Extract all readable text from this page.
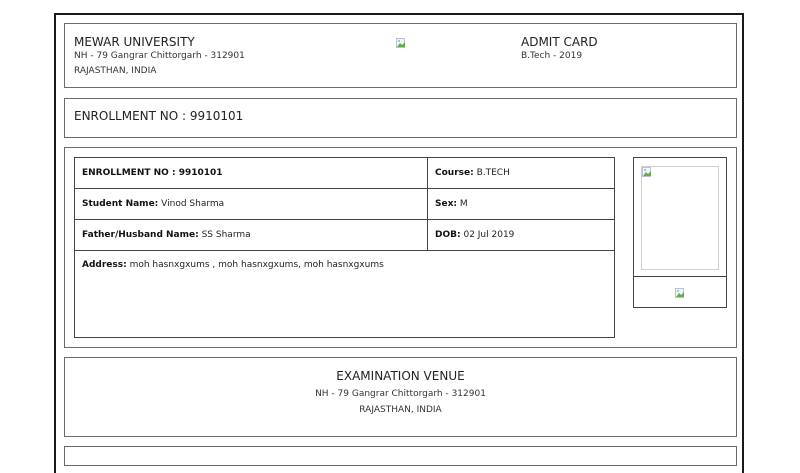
MEWAR UNIVERSITY
NH - 79 Gangrar Chittorgarh - 312901
RAJASTHAN, INDIA
ADMIT CARD
B.Tech - 2019
ENROLLMENT NO : 9910101
ENROLLMENT NO : 9910101	Course: B.TECH
Student Name: Vinod Sharma	Sex: M
Father/Husband Name: SS Sharma	DOB: 02 Jul 2019
Address: moh hasnxgxums , moh hasnxgxums, moh hasnxgxums	
EXAMINATION VENUE
NH - 79 Gangrar Chittorgarh - 312901
RAJASTHAN, INDIA
